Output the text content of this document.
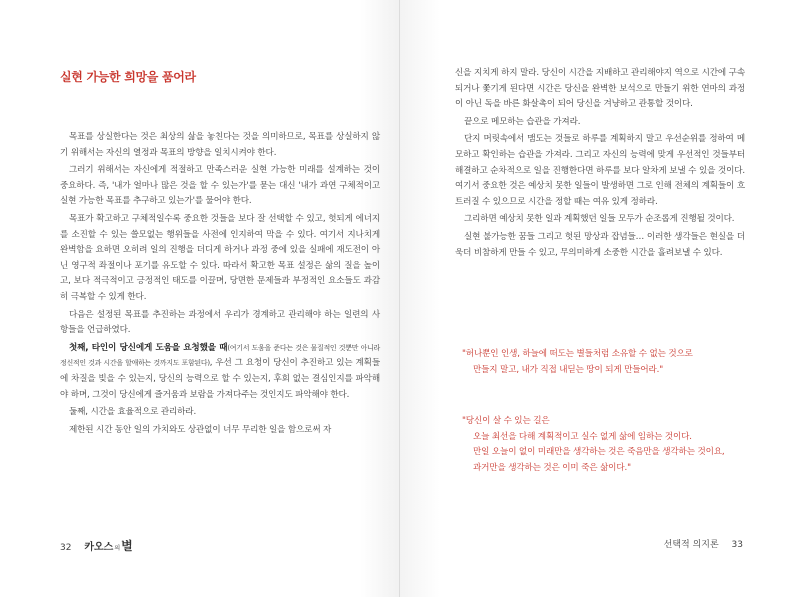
실현 가능한 희망을 품어라

목표를 상실한다는 것은 최상의 삶을 놓친다는 것을 의미하므로, 목표를 상실하지 않기 위해서는 자신의 열정과 목표의 방향을 일치시켜야 한다.

그러기 위해서는 자신에게 적절하고 만족스러운 실현 가능한 미래를 설계하는 것이 중요하다. 즉, '내가 얼마나 많은 것을 할 수 있는가'를 묻는 대신 '내가 과연 구체적이고 실현 가능한 목표를 추구하고 있는가'를 물어야 한다.

목표가 확고하고 구체적일수록 중요한 것들을 보다 잘 선택할 수 있고, 헛되게 에너지를 소진할 수 있는 쓸모없는 행위들을 사전에 인지하여 막을 수 있다. 여기서 지나치게 완벽함을 요하면 오히려 일의 진행을 더디게 하거나 과정 중에 있을 실패에 재도전이 아닌 영구적 좌절이나 포기를 유도할 수 있다. 따라서 확고한 목표 설정은 삶의 질을 높이고, 보다 적극적이고 긍정적인 태도를 이끌며, 당면한 문제들과 부정적인 요소들도 과감히 극복할 수 있게 한다.

다음은 설정된 목표를 추진하는 과정에서 우리가 경계하고 관리해야 하는 일련의 사항들을 언급하였다.

첫째, 타인이 당신에게 도움을 요청했을 때(여기서 도움을 준다는 것은 물질적인 것뿐만 아니라 정신적인 것과 시간을 할애하는 것까지도 포함된다), 우선 그 요청이 당신이 추진하고 있는 계획들에 차질을 빚을 수 있는지, 당신의 능력으로 할 수 있는지, 후회 없는 결심인지를 파악해야 하며, 그것이 당신에게 즐거움과 보람을 가져다주는 것인지도 파악해야 한다.

둘째, 시간을 효율적으로 관리하라.

제한된 시간 동안 일의 가치와도 상관없이 너무 무리한 일을 함으로써 자

32 카오스의별

신을 지치게 하지 말라. 당신이 시간을 지배하고 관리해야지 역으로 시간에 구속되거나 쫓기게 된다면 시간은 당신을 완벽한 보석으로 만들기 위한 연마의 과정이 아닌 독을 바른 화살촉이 되어 당신을 겨냥하고 관통할 것이다.

끝으로 메모하는 습관을 가져라.

단지 머릿속에서 맴도는 것들로 하루를 계획하지 말고 우선순위를 정하여 메모하고 확인하는 습관을 가져라. 그리고 자신의 능력에 맞게 우선적인 것들부터 해결하고 순차적으로 일을 진행한다면 하루를 보다 알차게 보낼 수 있을 것이다. 여기서 중요한 것은 예상치 못한 일들이 발생하면 그로 인해 전체의 계획들이 흐트러질 수 있으므로 시간을 정할 때는 여유 있게 정하라.

그리하면 예상치 못한 일과 계획했던 일들 모두가 순조롭게 진행될 것이다.

실현 불가능한 꿈들 그리고 헛된 망상과 잡념들… 이러한 생각들은 현실을 더욱더 비참하게 만들 수 있고, 무의미하게 소중한 시간을 흘려보낼 수 있다.

"허나뿐인 인생, 하늘에 떠도는 별들처럼 소유할 수 없는 것으로
만들지 말고, 내가 직접 내딛는 땅이 되게 만들어라."
"당신이 살 수 있는 길은
오늘 최선을 다해 계획적이고 실수 없게 삶에 임하는 것이다.
만일 오늘이 없이 미래만을 생각하는 것은 죽음만을 생각하는 것이요,
과거만을 생각하는 것은 이미 죽은 삶이다."
선택적 의지론 33
